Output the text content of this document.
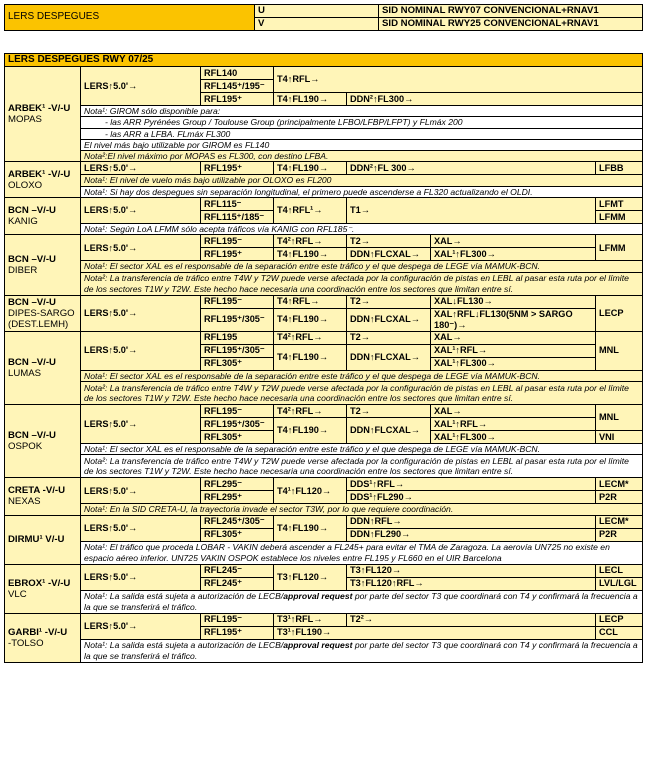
LERS DESPEGUES	U	SID NOMINAL RWY07 CONVENCIONAL+RNAV1
	V	SID NOMINAL RWY25 CONVENCIONAL+RNAV1
LERS DESPEGUES RWY 07/25							
ARBEK¹ -V/-U
MOPAS	LERS↑5.0'→	RFL140	T4↑RFL→	
		RFL145⁺/195⁻	
		RFL195⁺	T4↑FL190→	DDN²↑FL300→			
	Nota¹: GIROM sólo disponible para:						
	- las ARR Pyrénées Group / Toulouse Group (principalmente LFBO/LFBP/LFPT) y FLmáx 200						
	- las ARR a LFBA. FLmáx FL300						
	El nivel más bajo utilizable por GIROM es FL140						
	Nota²:El nivel máximo por MOPAS es FL300, con destino LFBA.						
ARBEK¹ -V/-U
OLOXO	LERS↑5.0'→	RFL195⁺	T4↑FL190→	DDN²↑FL 300→		LFBB	
	Nota¹: El nivel de vuelo más bajo utilizable por OLOXO es FL200						
	Nota¹: Si hay dos despegues sin separación longitudinal, el primero puede ascenderse a FL320 actualizando el OLDI.						
BCN –V/-U
KANIG	LERS↑5.0'→	RFL115⁻	T4↑RFL¹→	T1→		LFMT	
		RFL115⁺/185⁻				LFMM	
	Nota¹: Según LoA LFMM sólo acepta tráficos vía KANIG con RFL185⁻.						
BCN –V/-U
DIBER	LERS↑5.0'→	RFL195⁻	T4²↑RFL→	T2→	XAL→	LFMM	
		RFL195⁺	T4↑FL190→	DDN↑FLCXAL→	XAL¹↑FL300→		
	Nota¹: El sector XAL es el responsable de la separación entre este tráfico y el que despega de LEGE vía MAMUK-BCN.						
	Nota²: La transferencia de tráfico entre T4W y T2W puede verse afectada por la configuración de pistas en LEBL al pasar esta ruta por el límite de los sectores T1W y T2W. Este hecho hace necesaria una coordinación entre los sectores que limitan entre sí.						
BCN –V/-U
DIPES-SARGO (DEST.LEMH)	LERS↑5.0'→	RFL195⁻	T4↑RFL→	T2→	XAL↓FL130→	LECP	
		RFL195⁺/305⁻	T4↑FL190→	DDN↑FLCXAL→	XAL↑RFL↓FL130(5NM > SARGO 180⁻)→		
BCN –V/-U
LUMAS	LERS↑5.0'→	RFL195	T4²↑RFL→	T2→	XAL→	MNL	
		RFL195⁺/305⁻	T4↑FL190→	DDN↑FLCXAL→	XAL¹↑RFL→		
		RFL305⁺			XAL¹↑FL300→		
	Nota¹: El sector XAL es el responsable de la separación entre este tráfico y el que despega de LEGE vía MAMUK-BCN.						
	Nota²: La transferencia de tráfico entre T4W y T2W puede verse afectada por la configuración de pistas en LEBL al pasar esta ruta por el límite de los sectores T1W y T2W. Este hecho hace necesaria una coordinación entre los sectores que limitan entre sí.						
BCN –V/-U
OSPOK	LERS↑5.0'→	RFL195⁻	T4²↑RFL→	T2→	XAL→	MNL	
		RFL195⁺/305⁻	T4↑FL190→	DDN↑FLCXAL→	XAL¹↑RFL→		
		RFL305⁺			XAL¹↑FL300→	VNI	
	Nota¹: El sector XAL es el responsable de la separación entre este tráfico y el que despega de LEGE vía MAMUK-BCN.						
	Nota²: La transferencia de tráfico entre T4W y T2W puede verse afectada por la configuración de pistas en LEBL al pasar esta ruta por el límite de los sectores T1W y T2W. Este hecho hace necesaria una coordinación entre los sectores que limitan entre sí.						
CRETA -V/-U
NEXAS	LERS↑5.0'→	RFL295⁻	T4¹↑FL120→	DDS¹↑RFL→		LECM*	
		RFL295⁺		DDS¹↑FL290→		P2R	
	Nota¹: En la SID CRETA-U, la trayectoria invade el sector T3W, por lo que requiere coordinación.						
DIRMU¹ V/-U	LERS↑5.0'→	RFL245⁺/305⁻	T4↑FL190→	DDN↑RFL→		LECM*	
		RFL305⁺		DDN↑FL290→		P2R	
	Nota¹: El tráfico que proceda LOBAR - VAKIN deberá ascender a FL245+ para evitar el TMA de Zaragoza. La aerovía UN725 no existe en espacio aéreo inferior. UN725 VAKIN OSPOK establece los niveles entre FL195 y FL660 en el UIR Barcelona						
EBROX¹ -V/-U
VLC	LERS↑5.0'→	RFL245⁻	T3↑FL120→	T3↑FL120→		LECL	
		RFL245⁺		T3↑FL120↑RFL→		LVL/LGL	
	Nota¹: La salida está sujeta a autorización de LECB/approval request por parte del sector T3 que coordinará con T4 y confirmará la frecuencia a la que se transferirá el tráfico.						
GARBI¹ -V/-U
-TOLSO	LERS↑5.0'→	RFL195⁻	T3¹↑RFL→	T2²→		LECP	
		RFL195⁺	T3¹↑FL190→			CCL	
	Nota¹: La salida está sujeta a autorización de LECB/approval request por parte del sector T3 que coordinará con T4 y confirmará la frecuencia a la que se transferirá el tráfico.						
